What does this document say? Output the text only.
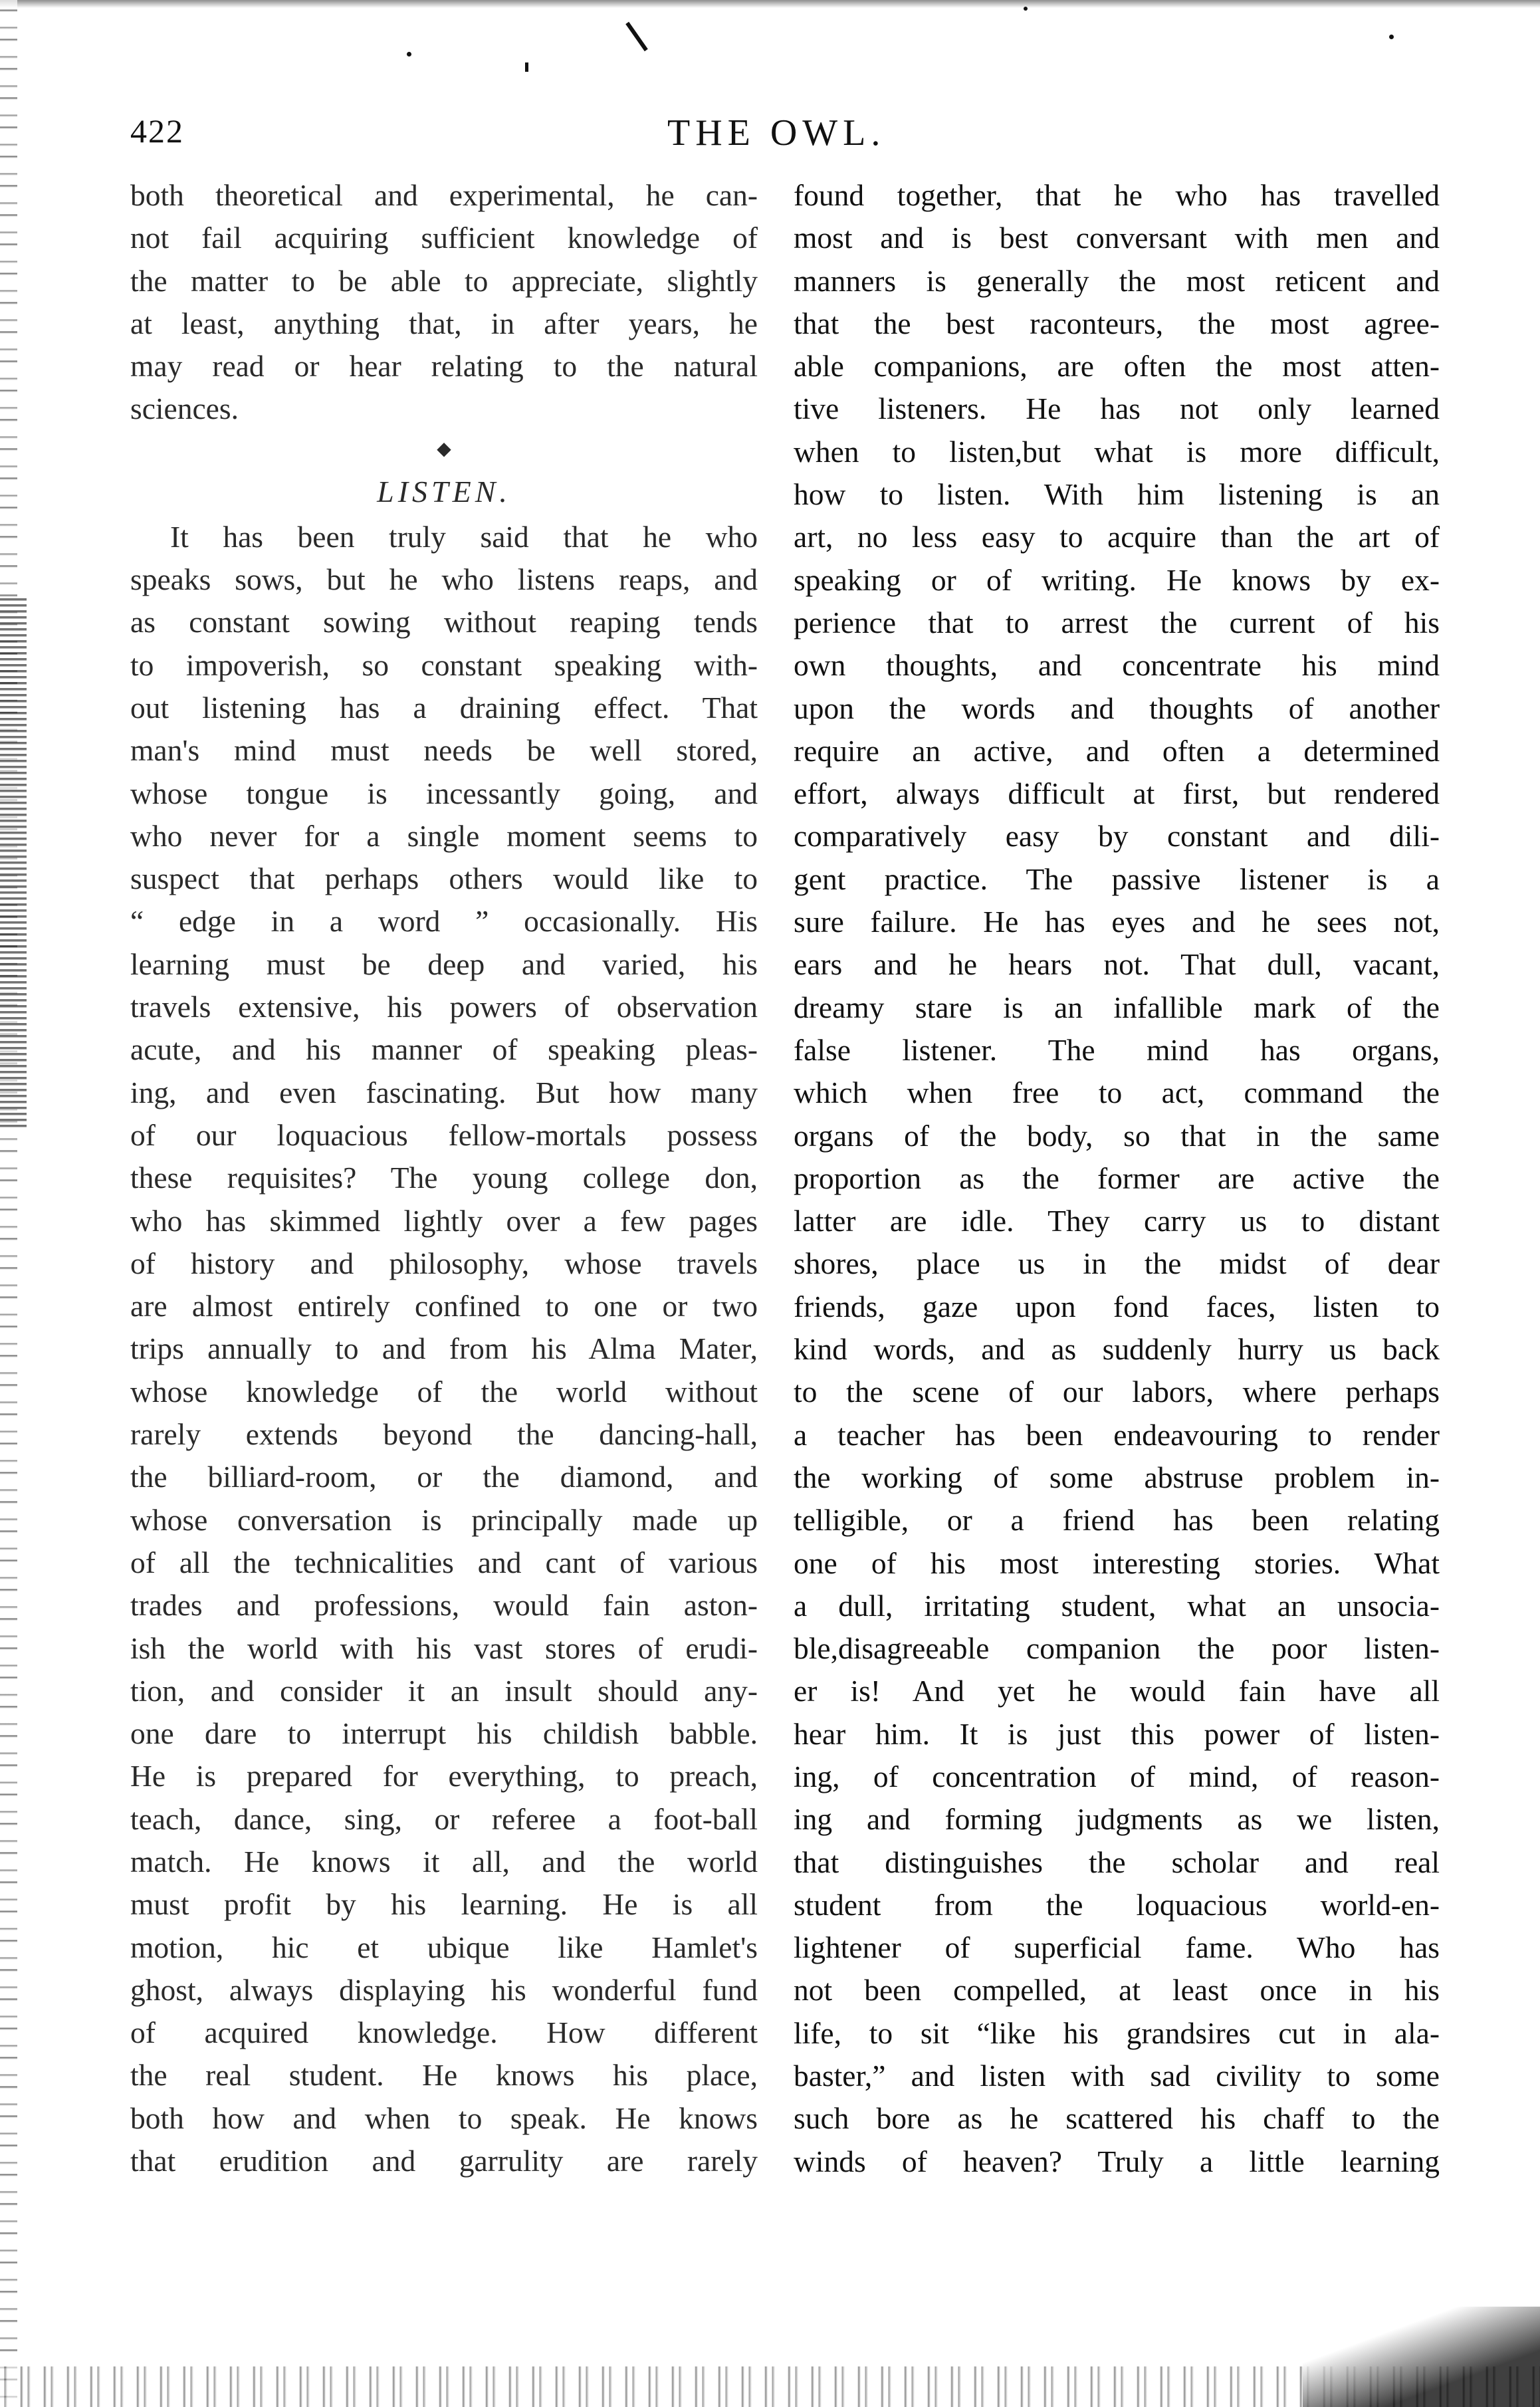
422	THE OWL.
both theoretical and experimental, he can-
not fail acquiring sufficient knowledge of
the matter to be able to appreciate, slightly
at least, anything that, in after years, he
may read or hear relating to the natural
sciences.
◆
LISTEN.
It has been truly said that he who
speaks sows, but he who listens reaps, and
as constant sowing without reaping tends
to impoverish, so constant speaking with-
out listening has a draining effect. That
man's mind must needs be well stored,
whose tongue is incessantly going, and
who never for a single moment seems to
suspect that perhaps others would like to
“ edge in a word ” occasionally. His
learning must be deep and varied, his
travels extensive, his powers of observation
acute, and his manner of speaking pleas-
ing, and even fascinating. But how many
of our loquacious fellow-mortals possess
these requisites? The young college don,
who has skimmed lightly over a few pages
of history and philosophy, whose travels
are almost entirely confined to one or two
trips annually to and from his Alma Mater,
whose knowledge of the world without
rarely extends beyond the dancing-hall,
the billiard-room, or the diamond, and
whose conversation is principally made up
of all the technicalities and cant of various
trades and professions, would fain aston-
ish the world with his vast stores of erudi-
tion, and consider it an insult should any-
one dare to interrupt his childish babble.
He is prepared for everything, to preach,
teach, dance, sing, or referee a foot-ball
match. He knows it all, and the world
must profit by his learning. He is all
motion, hic et ubique like Hamlet's
ghost, always displaying his wonderful fund
of acquired knowledge. How different
the real student. He knows his place,
both how and when to speak. He knows
that erudition and garrulity are rarely
found together, that he who has travelled
most and is best conversant with men and
manners is generally the most reticent and
that the best raconteurs, the most agree-
able companions, are often the most atten-
tive listeners. He has not only learned
when to listen,but what is more difficult,
how to listen. With him listening is an
art, no less easy to acquire than the art of
speaking or of writing. He knows by ex-
perience that to arrest the current of his
own thoughts, and concentrate his mind
upon the words and thoughts of another
require an active, and often a determined
effort, always difficult at first, but rendered
comparatively easy by constant and dili-
gent practice. The passive listener is a
sure failure. He has eyes and he sees not,
ears and he hears not. That dull, vacant,
dreamy stare is an infallible mark of the
false listener. The mind has organs,
which when free to act, command the
organs of the body, so that in the same
proportion as the former are active the
latter are idle. They carry us to distant
shores, place us in the midst of dear
friends, gaze upon fond faces, listen to
kind words, and as suddenly hurry us back
to the scene of our labors, where perhaps
a teacher has been endeavouring to render
the working of some abstruse problem in-
telligible, or a friend has been relating
one of his most interesting stories. What
a dull, irritating student, what an unsocia-
ble,disagreeable companion the poor listen-
er is! And yet he would fain have all
hear him. It is just this power of listen-
ing, of concentration of mind, of reason-
ing and forming judgments as we listen,
that distinguishes the scholar and real
student from the loquacious world-en-
lightener of superficial fame. Who has
not been compelled, at least once in his
life, to sit “like his grandsires cut in ala-
baster,” and listen with sad civility to some
such bore as he scattered his chaff to the
winds of heaven? Truly a little learning
